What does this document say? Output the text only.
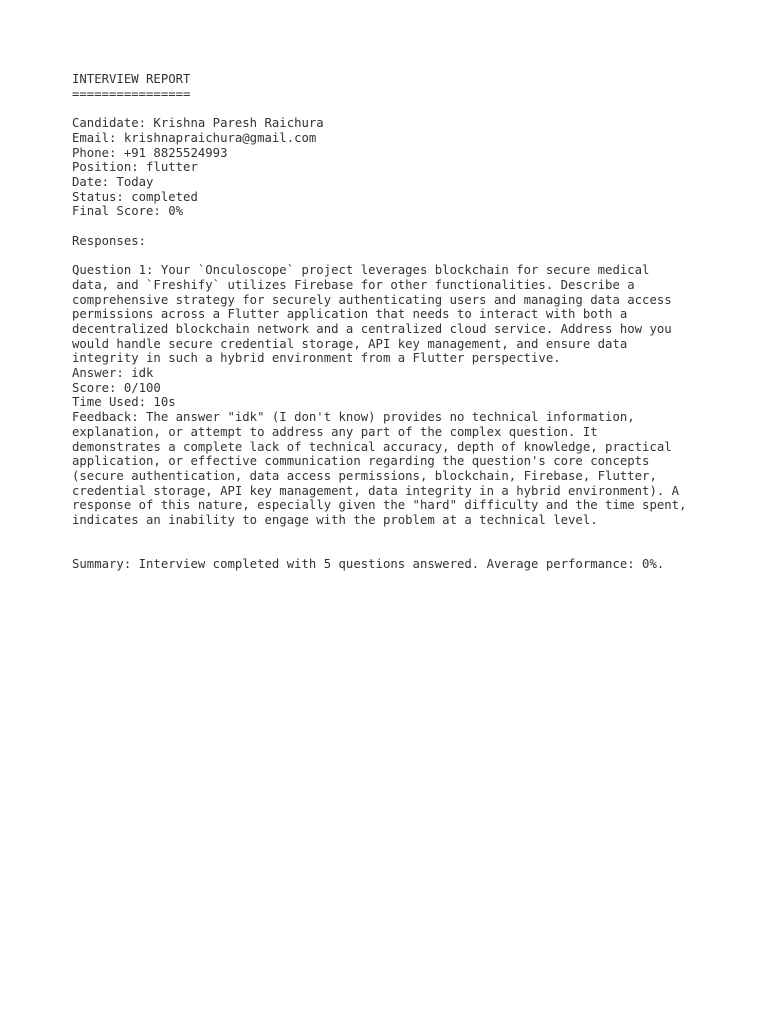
INTERVIEW REPORT
================
Candidate: Krishna Paresh Raichura
Email: krishnapraichura@gmail.com
Phone: +91 8825524993
Position: flutter
Date: Today
Status: completed
Final Score: 0%
Responses:
Question 1: Your `Onculoscope` project leverages blockchain for secure medical
data, and `Freshify` utilizes Firebase for other functionalities. Describe a
comprehensive strategy for securely authenticating users and managing data access
permissions across a Flutter application that needs to interact with both a
decentralized blockchain network and a centralized cloud service. Address how you
would handle secure credential storage, API key management, and ensure data
integrity in such a hybrid environment from a Flutter perspective.
Answer: idk
Score: 0/100
Time Used: 10s
Feedback: The answer "idk" (I don't know) provides no technical information,
explanation, or attempt to address any part of the complex question. It
demonstrates a complete lack of technical accuracy, depth of knowledge, practical
application, or effective communication regarding the question's core concepts
(secure authentication, data access permissions, blockchain, Firebase, Flutter,
credential storage, API key management, data integrity in a hybrid environment). A
response of this nature, especially given the "hard" difficulty and the time spent,
indicates an inability to engage with the problem at a technical level.
Summary: Interview completed with 5 questions answered. Average performance: 0%.
